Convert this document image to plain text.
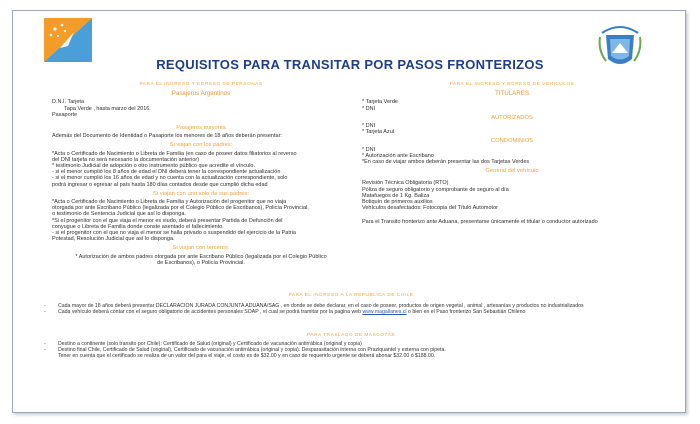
REQUISITOS PARA TRANSITAR POR PASOS FRONTERIZOS
PARA EL INGRESO Y EGRESO DE PERSONAS
Pasajeros Argentinos
D.N.I. Tarjeta
Tapa Verde , hasta marzo del 2016.
Pasaporte
Pasajeros mayores
Además del Documento de Identidad o Pasaporte los menores de 18 años deberán presentar:
Si viajan con los padres:
*Acta o Certificado de Nacimiento o Libreta de Familia (en caso de poseer datos filiatorios al reverso
del DNI tarjeta no será necesario la documentación anterior)
* testimonio Judicial de adopción o otro instrumento público que acredite el vínculo.
- si el menor cumplió los 8 años de edad el DNI deberá tener la correspondiente actualización
- si el menor cumplió los 16 años de edad y no cuenta con la actualización correspondiente, solo
podrá ingresar o egresar al país hasta 180 días contados desde que cumplió dicha edad
Si viajan con uno solo de sus padres:
*Acta o Certificado de Nacimiento o Libreta de Familia y Autorización del progenitor que no viaja
otorgada por ante Escribano Público (legalizada por el Colegio Público de Escribanos), Policía Provincial,
o testimonio de Sentencia Judicial que así lo disponga.
*Si el progenitor con el que viaja el menor es viudo, deberá presentar Partida de Defunción del
conyugue o Libreta de Familia donde conste asentado el fallecimiento.
- si el progenitor con el que no viaja el menor se halla privado o suspendido del ejercicio de la Patria
Potestad, Resolución Judicial que así lo disponga.
Si viajan con terceros:
* Autorización de ambos padres otorgada por ante Escribano Público (legalizada por el Colegio Público
de Escribanos), o Policía Provincial.
PARA EL INGRESO Y EGRESO DE VEHICULOS
TITULARES
* Tarjeta Verde
* DNI
AUTORIZADOS
* DNI
* Tarjeta Azul
CONDOMINIOS
* DNI
* Autorización ante Escribano
*En caso de viajar ambos deberán presentar las dos Tarjetas Verdes
General del vehículo
Revisión Técnica Obligatoria (RTO)
Póliza de seguro obligatorio y comprobante de seguro al día
Matafuegos de 1 Kg. Baliza
Botiquín de primeros auxilios
Vehículos desafectados: Fotocopia del Título Automotor
Para el Transito fronterizo ante Aduana, presentarse únicamente el titular o conductor autorizado
PARA EL INGRESO A LA REPUBLICA DE CHILE
- Cada mayor de 18 años deberá presentar DECLARACION JURADA CONJUNTA ADUANA/SAG , en donde se debe declarar, en el caso de poseer, productos de origen vegetal , animal , artesanías y productos no industrializados
- Cada vehículo deberá contar con el seguro obligatorio de accidentes personales SOAP , el cual se podrá tramitar por la pagina web www.magallanes.cl o bien en el Paso fronterizo San Sebastián Chileno
PARA TRASLADO DE MASCOTAS
- Destino a continente (solo transito por Chile): Certificado de Salud (original) y Certificado de vacunación antirrábica (original y copia)
- Destino final Chile, Certificado de Salud (original), Certificado de vacunación antirrábica (original y copia). Desparasitación interna con Praziquantel y externa con pipeta.
Tener en cuenta que el certificado se realiza de un valor del para el viaje, el costo es de $32.00 y en caso de requerirlo urgente se deberá abonar $32.00 ó $188.00.
